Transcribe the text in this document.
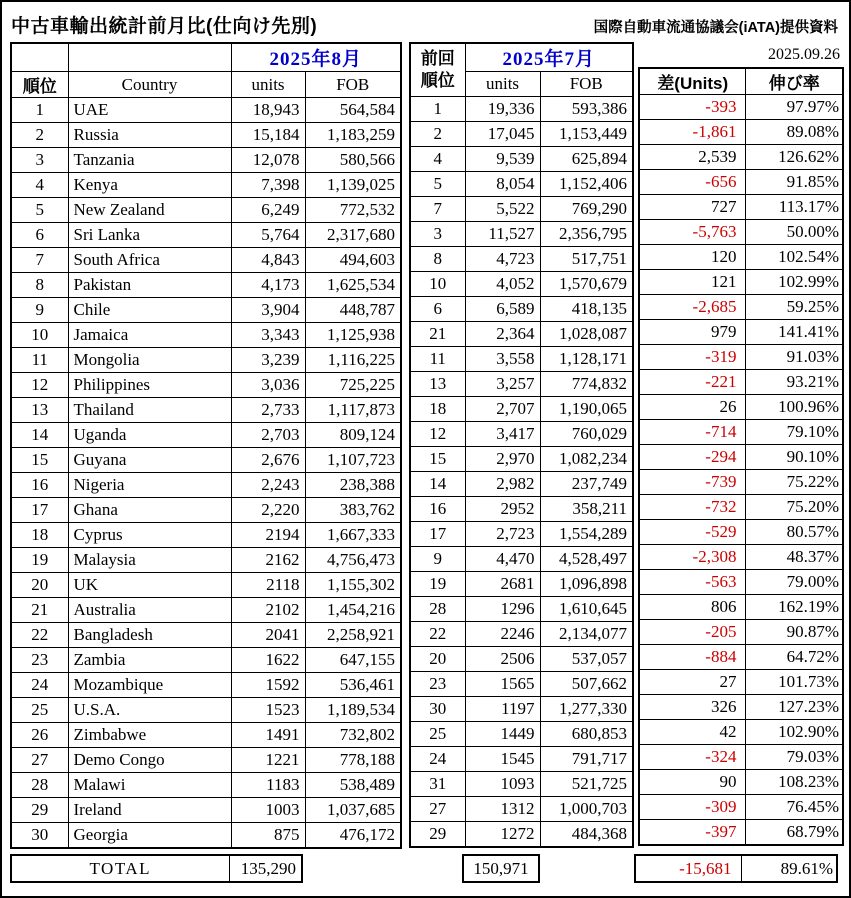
中古車輸出統計前月比(仕向け先別)	国際自動車流通協議会(iATA)提供資料
		2025年8月	
順位	Country	units	FOB
1	UAE	18,943	564,584
2	Russia	15,184	1,183,259
3	Tanzania	12,078	580,566
4	Kenya	7,398	1,139,025
5	New Zealand	6,249	772,532
6	Sri Lanka	5,764	2,317,680
7	South Africa	4,843	494,603
8	Pakistan	4,173	1,625,534
9	Chile	3,904	448,787
10	Jamaica	3,343	1,125,938
11	Mongolia	3,239	1,116,225
12	Philippines	3,036	725,225
13	Thailand	2,733	1,117,873
14	Uganda	2,703	809,124
15	Guyana	2,676	1,107,723
16	Nigeria	2,243	238,388
17	Ghana	2,220	383,762
18	Cyprus	2194	1,667,333
19	Malaysia	2162	4,756,473
20	UK	2118	1,155,302
21	Australia	2102	1,454,216
22	Bangladesh	2041	2,258,921
23	Zambia	1622	647,155
24	Mozambique	1592	536,461
25	U.S.A.	1523	1,189,534
26	Zimbabwe	1491	732,802
27	Demo Congo	1221	778,188
28	Malawi	1183	538,489
29	Ireland	1003	1,037,685
30	Georgia	875	476,172
前回
順位	2025年7月	
	units	FOB
1	19,336	593,386
2	17,045	1,153,449
4	9,539	625,894
5	8,054	1,152,406
7	5,522	769,290
3	11,527	2,356,795
8	4,723	517,751
10	4,052	1,570,679
6	6,589	418,135
21	2,364	1,028,087
11	3,558	1,128,171
13	3,257	774,832
18	2,707	1,190,065
12	3,417	760,029
15	2,970	1,082,234
14	2,982	237,749
16	2952	358,211
17	2,723	1,554,289
9	4,470	4,528,497
19	2681	1,096,898
28	1296	1,610,645
22	2246	2,134,077
20	2506	537,057
23	1565	507,662
30	1197	1,277,330
25	1449	680,853
24	1545	791,717
31	1093	521,725
27	1312	1,000,703
29	1272	484,368
2025.09.26
差(Units)	伸び率
-393	97.97%
-1,861	89.08%
2,539	126.62%
-656	91.85%
727	113.17%
-5,763	50.00%
120	102.54%
121	102.99%
-2,685	59.25%
979	141.41%
-319	91.03%
-221	93.21%
26	100.96%
-714	79.10%
-294	90.10%
-739	75.22%
-732	75.20%
-529	80.57%
-2,308	48.37%
-563	79.00%
806	162.19%
-205	90.87%
-884	64.72%
27	101.73%
326	127.23%
42	102.90%
-324	79.03%
90	108.23%
-309	76.45%
-397	68.79%
TOTAL	135,290	150,971	-15,681	89.61%
